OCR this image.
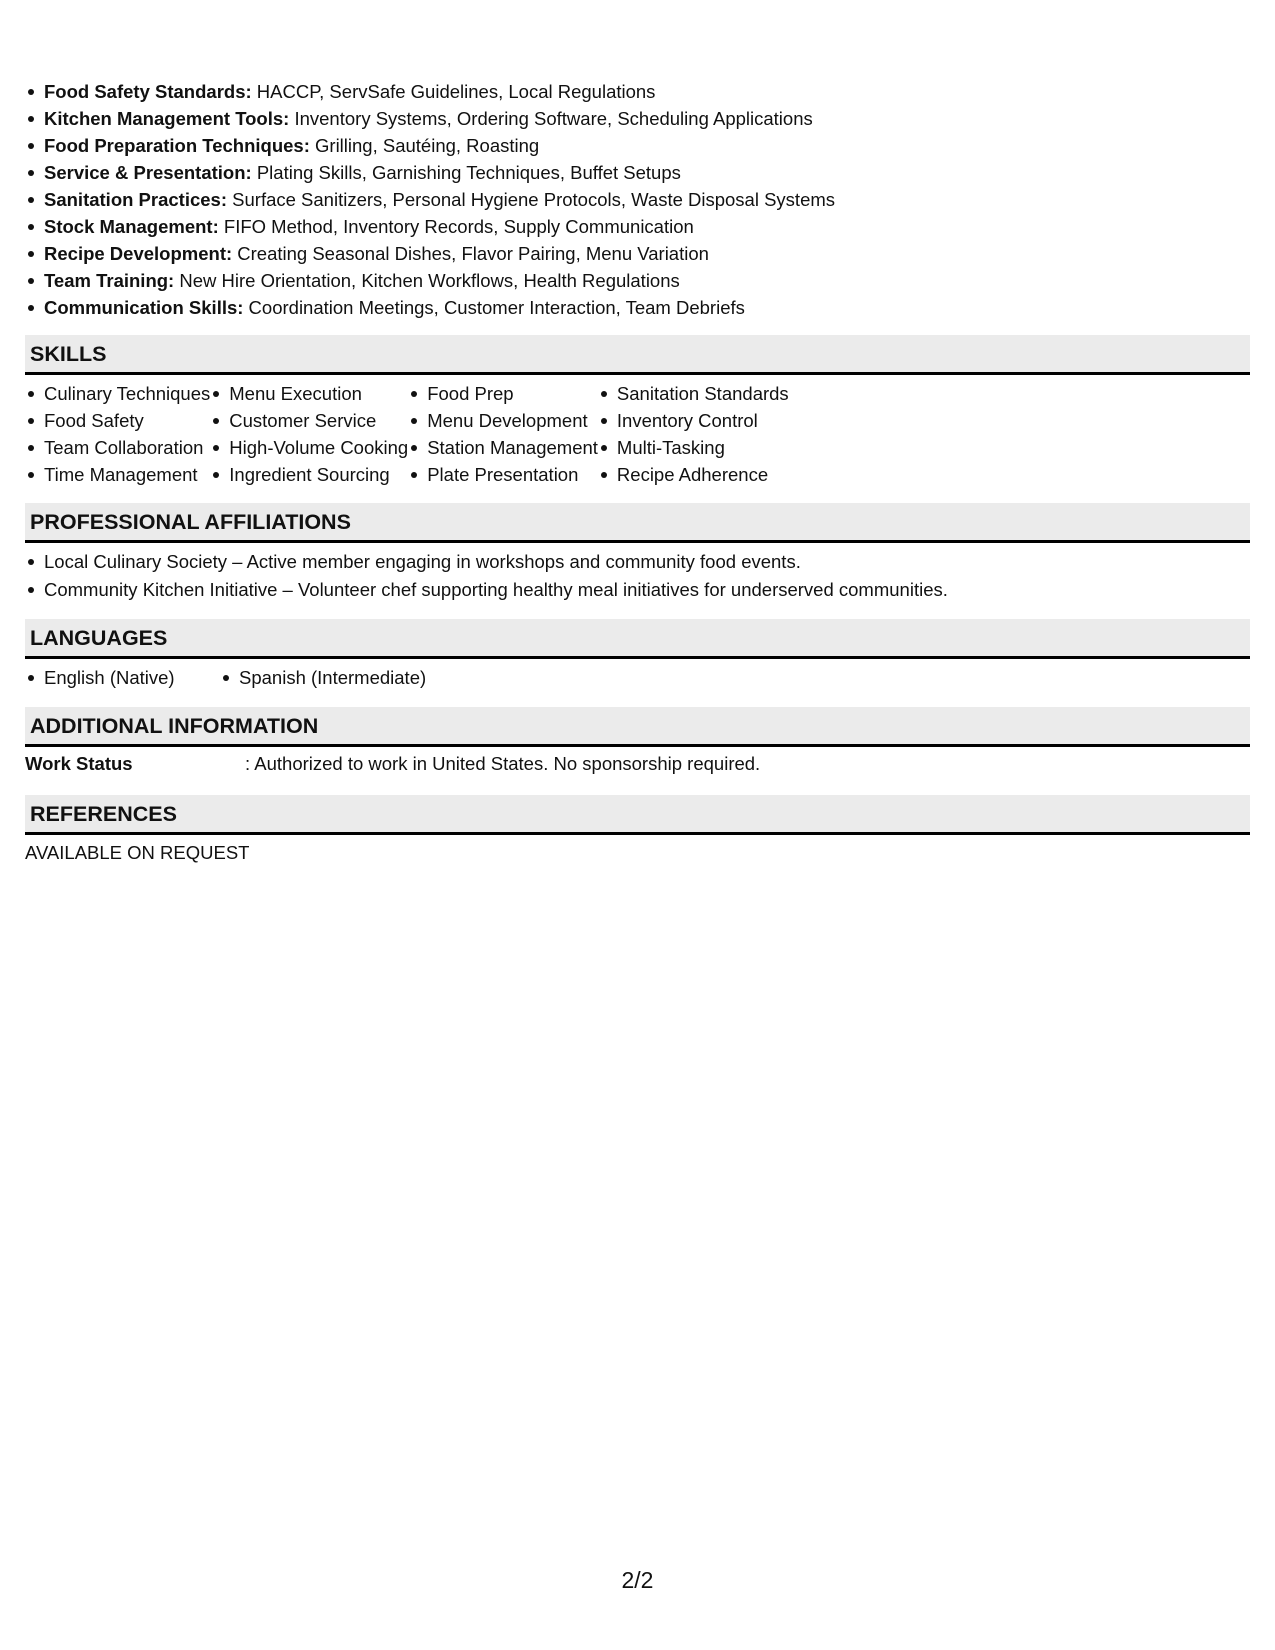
Food Safety Standards: HACCP, ServSafe Guidelines, Local Regulations
Kitchen Management Tools: Inventory Systems, Ordering Software, Scheduling Applications
Food Preparation Techniques: Grilling, Sautéing, Roasting
Service & Presentation: Plating Skills, Garnishing Techniques, Buffet Setups
Sanitation Practices: Surface Sanitizers, Personal Hygiene Protocols, Waste Disposal Systems
Stock Management: FIFO Method, Inventory Records, Supply Communication
Recipe Development: Creating Seasonal Dishes, Flavor Pairing, Menu Variation
Team Training: New Hire Orientation, Kitchen Workflows, Health Regulations
Communication Skills: Coordination Meetings, Customer Interaction, Team Debriefs
SKILLS
Culinary Techniques
Food Safety
Team Collaboration
Time Management
Menu Execution
Customer Service
High-Volume Cooking
Ingredient Sourcing
Food Prep
Menu Development
Station Management
Plate Presentation
Sanitation Standards
Inventory Control
Multi-Tasking
Recipe Adherence
PROFESSIONAL AFFILIATIONS
Local Culinary Society – Active member engaging in workshops and community food events.
Community Kitchen Initiative – Volunteer chef supporting healthy meal initiatives for underserved communities.
LANGUAGES
English (Native)	Spanish (Intermediate)
ADDITIONAL INFORMATION
Work Status	: Authorized to work in United States. No sponsorship required.
REFERENCES
AVAILABLE ON REQUEST
2/2
